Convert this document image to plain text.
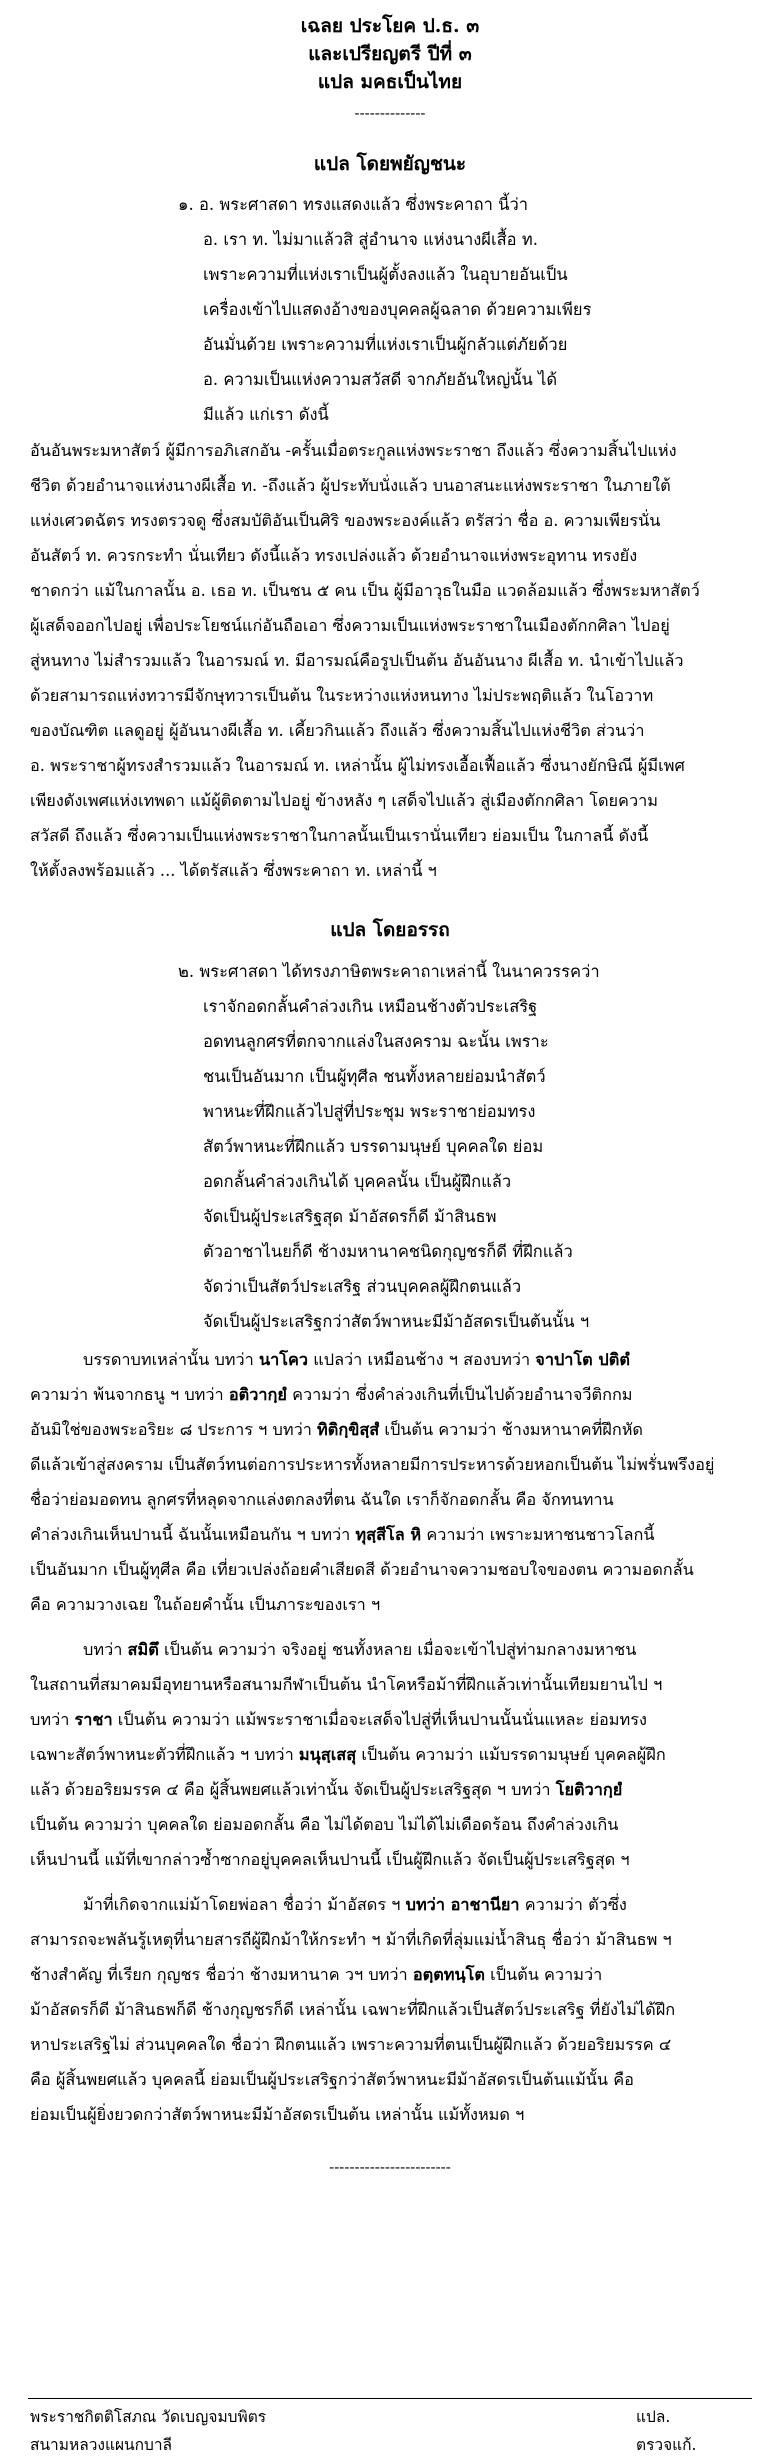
เฉลย ประโยค ป.ธ. ๓
และเปรียญตรี ปีที่ ๓
แปล มคธเป็นไทย
--------------
แปล โดยพยัญชนะ
๑. อ. พระศาสดา ทรงแสดงแล้ว ซึ่งพระคาถา นี้ว่า
อ. เรา ท. ไม่มาแล้วสิ สู่อำนาจ แห่งนางผีเสื้อ ท.
เพราะความที่แห่งเราเป็นผู้ตั้งลงแล้ว ในอุบายอันเป็น
เครื่องเข้าไปแสดงอ้างของบุคคลผู้ฉลาด ด้วยความเพียร
อันมั่นด้วย เพราะความที่แห่งเราเป็นผู้กลัวแต่ภัยด้วย
อ. ความเป็นแห่งความสวัสดี จากภัยอันใหญ่นั้น ได้
มีแล้ว แก่เรา ดังนี้
อันอันพระมหาสัตว์ ผู้มีการอภิเสกอัน -ครั้นเมื่อตระกูลแห่งพระราชา ถึงแล้ว ซึ่งความสิ้นไปแห่ง
ชีวิต ด้วยอำนาจแห่งนางผีเสื้อ ท. -ถึงแล้ว ผู้ประทับนั่งแล้ว บนอาสนะแห่งพระราชา ในภายใต้
แห่งเศวตฉัตร ทรงตรวจดู ซึ่งสมบัติอันเป็นศิริ ของพระองค์แล้ว ตรัสว่า ชื่อ อ. ความเพียรนั่น
อันสัตว์ ท. ควรกระทำ นั่นเทียว ดังนี้แล้ว ทรงเปล่งแล้ว ด้วยอำนาจแห่งพระอุทาน ทรงยัง
ชาดกว่า แม้ในกาลนั้น อ. เธอ ท. เป็นชน ๕ คน เป็น ผู้มีอาวุธในมือ แวดล้อมแล้ว ซึ่งพระมหาสัตว์
ผู้เสด็จออกไปอยู่ เพื่อประโยชน์แก่อันถือเอา ซึ่งความเป็นแห่งพระราชาในเมืองตักกศิลา ไปอยู่
สู่หนทาง ไม่สำรวมแล้ว ในอารมณ์ ท. มีอารมณ์คือรูปเป็นต้น อันอันนาง ผีเสื้อ ท. นำเข้าไปแล้ว
ด้วยสามารถแห่งทวารมีจักษุทวารเป็นต้น ในระหว่างแห่งหนทาง ไม่ประพฤติแล้ว ในโอวาท
ของบัณฑิต แลดูอยู่ ผู้อันนางผีเสื้อ ท. เคี้ยวกินแล้ว ถึงแล้ว ซึ่งความสิ้นไปแห่งชีวิต ส่วนว่า
อ. พระราชาผู้ทรงสำรวมแล้ว ในอารมณ์ ท. เหล่านั้น ผู้ไม่ทรงเอื้อเฟื้อแล้ว ซึ่งนางยักษิณี ผู้มีเพศ
เพียงดังเพศแห่งเทพดา แม้ผู้ติดตามไปอยู่ ข้างหลัง ๆ เสด็จไปแล้ว สู่เมืองตักกศิลา โดยความ
สวัสดี ถึงแล้ว ซึ่งความเป็นแห่งพระราชาในกาลนั้นเป็นเรานั่นเทียว ย่อมเป็น ในกาลนี้ ดังนี้
ให้ตั้งลงพร้อมแล้ว ... ได้ตรัสแล้ว ซึ่งพระคาถา ท. เหล่านี้ ฯ
แปล โดยอรรถ
๒. พระศาสดา ได้ทรงภาษิตพระคาถาเหล่านี้ ในนาควรรคว่า
เราจักอดกลั้นคำล่วงเกิน เหมือนช้างตัวประเสริฐ
อดทนลูกศรที่ตกจากแล่งในสงคราม ฉะนั้น เพราะ
ชนเป็นอันมาก เป็นผู้ทุศีล ชนทั้งหลายย่อมนำสัตว์
พาหนะที่ฝึกแล้วไปสู่ที่ประชุม พระราชาย่อมทรง
สัตว์พาหนะที่ฝึกแล้ว บรรดามนุษย์ บุคคลใด ย่อม
อดกลั้นคำล่วงเกินได้ บุคคลนั้น เป็นผู้ฝึกแล้ว
จัดเป็นผู้ประเสริฐสุด ม้าอัสดรก็ดี ม้าสินธพ
ตัวอาชาไนยก็ดี ช้างมหานาคชนิดกุญชรก็ดี ที่ฝึกแล้ว
จัดว่าเป็นสัตว์ประเสริฐ ส่วนบุคคลผู้ฝึกตนแล้ว
จัดเป็นผู้ประเสริฐกว่าสัตว์พาหนะมีม้าอัสดรเป็นต้นนั้น ฯ
บรรดาบทเหล่านั้น บทว่า นาโคว แปลว่า เหมือนช้าง ฯ สองบทว่า จาปาโต ปติตํ
ความว่า พ้นจากธนู ฯ บทว่า อติวากฺยํ ความว่า ซึ่งคำล่วงเกินที่เป็นไปด้วยอำนาจวีติกกม
อันมิใช่ของพระอริยะ ๘ ประการ ฯ บทว่า ทิติกฺขิสฺสํ เป็นต้น ความว่า ช้างมหานาคที่ฝึกหัด
ดีแล้วเข้าสู่สงคราม เป็นสัตว์ทนต่อการประหารทั้งหลายมีการประหารด้วยหอกเป็นต้น ไม่พรั่นพรึงอยู่
ชื่อว่าย่อมอดทน ลูกศรที่หลุดจากแล่งตกลงที่ตน ฉันใด เราก็จักอดกลั้น คือ จักทนทาน
คำล่วงเกินเห็นปานนี้ ฉันนั้นเหมือนกัน ฯ บทว่า ทุสฺสีโล หิ ความว่า เพราะมหาชนชาวโลกนี้
เป็นอันมาก เป็นผู้ทุศีล คือ เที่ยวเปล่งถ้อยคำเสียดสี ด้วยอำนาจความชอบใจของตน ความอดกลั้น
คือ ความวางเฉย ในถ้อยคำนั้น เป็นภาระของเรา ฯ
บทว่า สมิตึ เป็นต้น ความว่า จริงอยู่ ชนทั้งหลาย เมื่อจะเข้าไปสู่ท่ามกลางมหาชน
ในสถานที่สมาคมมีอุทยานหรือสนามกีฬาเป็นต้น นำโคหรือม้าที่ฝึกแล้วเท่านั้นเทียมยานไป ฯ
บทว่า ราชา เป็นต้น ความว่า แม้พระราชาเมื่อจะเสด็จไปสู่ที่เห็นปานนั้นนั่นแหละ ย่อมทรง
เฉพาะสัตว์พาหนะตัวที่ฝึกแล้ว ฯ บทว่า มนุสฺเสสุ เป็นต้น ความว่า แม้บรรดามนุษย์ บุคคลผู้ฝึก
แล้ว ด้วยอริยมรรค ๔ คือ ผู้สิ้นพยศแล้วเท่านั้น จัดเป็นผู้ประเสริฐสุด ฯ บทว่า โยติวากฺยํ
เป็นต้น ความว่า บุคคลใด ย่อมอดกลั้น คือ ไม่ได้ตอบ ไม่ได้ไม่เดือดร้อน ถึงคำล่วงเกิน
เห็นปานนี้ แม้ที่เขากล่าวซ้ำซากอยู่บุคคลเห็นปานนี้ เป็นผู้ฝึกแล้ว จัดเป็นผู้ประเสริฐสุด ฯ
ม้าที่เกิดจากแม่ม้าโดยพ่อลา ชื่อว่า ม้าอัสดร ฯ บทว่า อาชานียา ความว่า ตัวซึ่ง
สามารถจะพลันรู้เหตุที่นายสารถีผู้ฝึกม้าให้กระทำ ฯ ม้าที่เกิดที่ลุ่มแม่น้ำสินธุ ชื่อว่า ม้าสินธพ ฯ
ช้างสำคัญ ที่เรียก กุญชร ชื่อว่า ช้างมหานาค วฯ บทว่า อตฺตทนฺโต เป็นต้น ความว่า
ม้าอัสดรก็ดี ม้าสินธพก็ดี ช้างกุญชรก็ดี เหล่านั้น เฉพาะที่ฝึกแล้วเป็นสัตว์ประเสริฐ ที่ยังไม่ได้ฝึก
หาประเสริฐไม่ ส่วนบุคคลใด ชื่อว่า ฝึกตนแล้ว เพราะความที่ตนเป็นผู้ฝึกแล้ว ด้วยอริยมรรค ๔
คือ ผู้สิ้นพยศแล้ว บุคคลนี้ ย่อมเป็นผู้ประเสริฐกว่าสัตว์พาหนะมีม้าอัสดรเป็นต้นแม้นั้น คือ
ย่อมเป็นผู้ยิ่งยวดกว่าสัตว์พาหนะมีม้าอัสดรเป็นต้น เหล่านั้น แม้ทั้งหมด ฯ
------------------------
พระราชกิตติโสภณ วัดเบญจมบพิตร	แปล.
สนามหลวงแผนกบาลี	ตรวจแก้.
